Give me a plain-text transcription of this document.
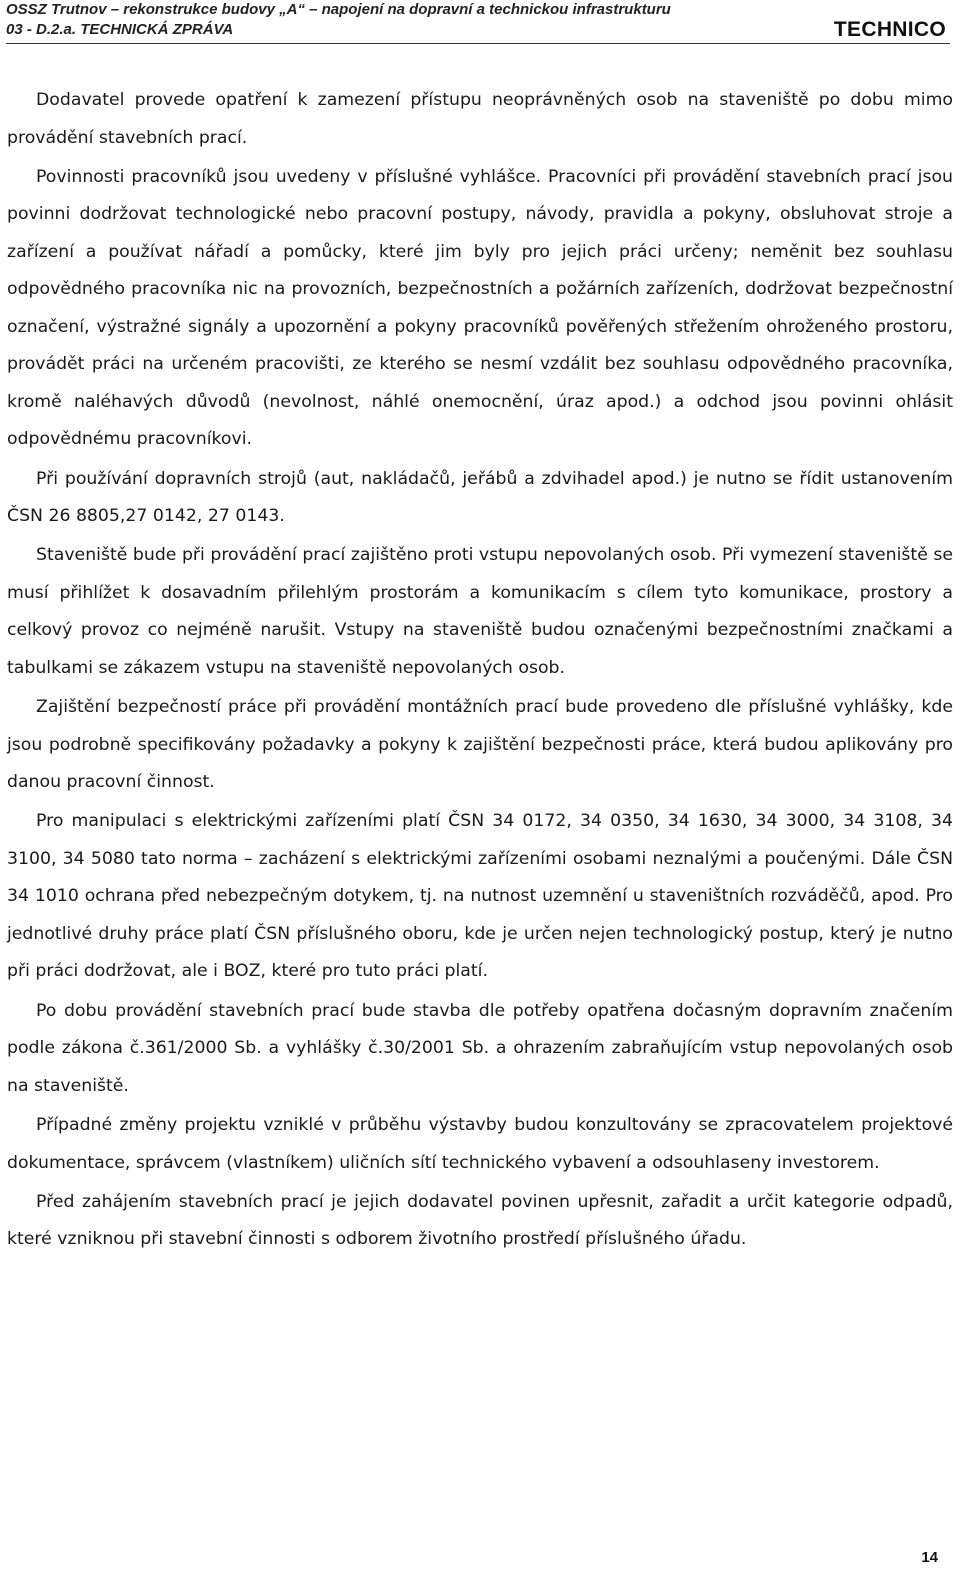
OSSZ Trutnov – rekonstrukce budovy „A“ – napojení na dopravní a technickou infrastrukturu
03 - D.2.a. TECHNICKÁ ZPRÁVA	TECHNICO

Dodavatel provede opatření k zamezení přístupu neoprávněných osob na staveniště po dobu mimo provádění stavebních prací.

Povinnosti pracovníků jsou uvedeny v příslušné vyhlášce. Pracovníci při provádění stavebních prací jsou povinni dodržovat technologické nebo pracovní postupy, návody, pravidla a pokyny, obsluhovat stroje a zařízení a používat nářadí a pomůcky, které jim byly pro jejich práci určeny; neměnit bez souhlasu odpovědného pracovníka nic na provozních, bezpečnostních a požárních zařízeních, dodržovat bezpečnostní označení, výstražné signály a upozornění a pokyny pracovníků pověřených střežením ohroženého prostoru, provádět práci na určeném pracovišti, ze kterého se nesmí vzdálit bez souhlasu odpovědného pracovníka, kromě naléhavých důvodů (nevolnost, náhlé onemocnění, úraz apod.) a odchod jsou povinni ohlásit odpovědnému pracovníkovi.

Při používání dopravních strojů (aut, nakládačů, jeřábů a zdvihadel apod.) je nutno se řídit ustanovením ČSN 26 8805,27 0142, 27 0143.

Staveniště bude při provádění prací zajištěno proti vstupu nepovolaných osob. Při vymezení staveniště se musí přihlížet k dosavadním přilehlým prostorám a komunikacím s cílem tyto komunikace, prostory a celkový provoz co nejméně narušit. Vstupy na staveniště budou označenými bezpečnostními značkami a tabulkami se zákazem vstupu na staveniště nepovolaných osob.

Zajištění bezpečností práce při provádění montážních prací bude provedeno dle příslušné vyhlášky, kde jsou podrobně specifikovány požadavky a pokyny k zajištění bezpečnosti práce, která budou aplikovány pro danou pracovní činnost.

Pro manipulaci s elektrickými zařízeními platí ČSN 34 0172, 34 0350, 34 1630, 34 3000, 34 3108, 34 3100, 34 5080 tato norma – zacházení s elektrickými zařízeními osobami neznalými a poučenými. Dále ČSN 34 1010 ochrana před nebezpečným dotykem, tj. na nutnost uzemnění u staveništních rozváděčů, apod. Pro jednotlivé druhy práce platí ČSN příslušného oboru, kde je určen nejen technologický postup, který je nutno při práci dodržovat, ale i BOZ, které pro tuto práci platí.

Po dobu provádění stavebních prací bude stavba dle potřeby opatřena dočasným dopravním značením podle zákona č.361/2000 Sb. a vyhlášky č.30/2001 Sb. a ohrazením zabraňujícím vstup nepovolaných osob na staveniště.

Případné změny projektu vzniklé v průběhu výstavby budou konzultovány se zpracovatelem projektové dokumentace, správcem (vlastníkem) uličních sítí technického vybavení a odsouhlaseny investorem.

Před zahájením stavebních prací je jejich dodavatel povinen upřesnit, zařadit a určit kategorie odpadů, které vzniknou při stavební činnosti s odborem životního prostředí příslušného úřadu.

14
